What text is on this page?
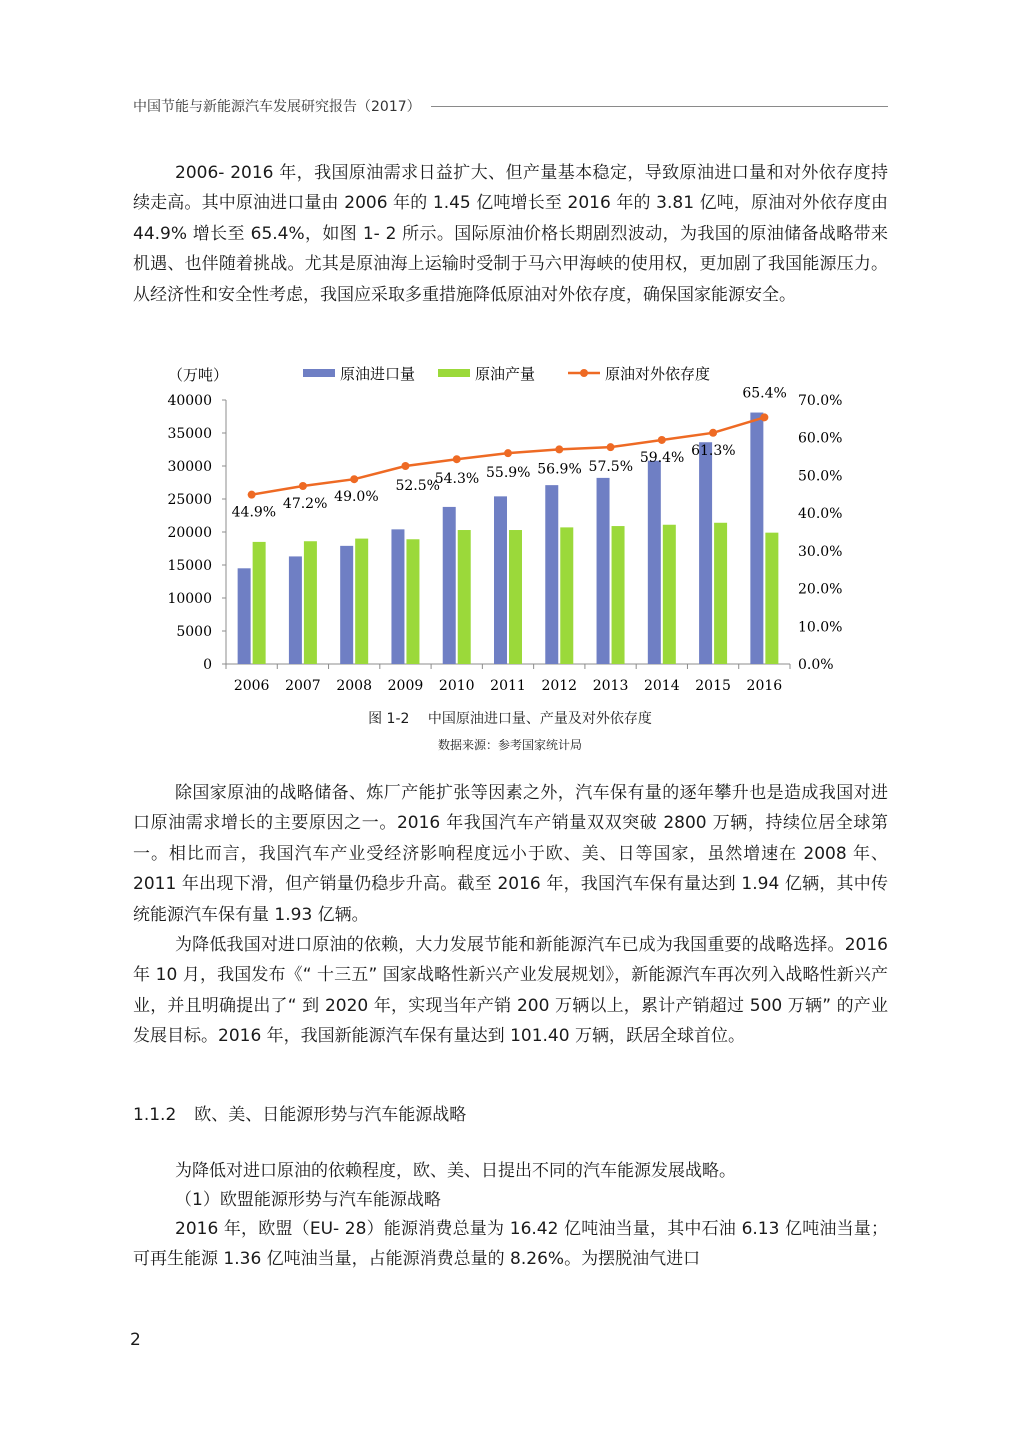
中国节能与新能源汽车发展研究报告（2017）

2006- 2016 年，我国原油需求日益扩大、但产量基本稳定，导致原油进口量和对外依存度持续走高。其中原油进口量由 2006 年的 1.45 亿吨增长至 2016 年的 3.81 亿吨，原油对外依存度由 44.9% 增长至 65.4%，如图 1- 2 所示。国际原油价格长期剧烈波动，为我国的原油储备战略带来机遇、也伴随着挑战。尤其是原油海上运输时受制于马六甲海峡的使用权，更加剧了我国能源压力。从经济性和安全性考虑，我国应采取多重措施降低原油对外依存度，确保国家能源安全。

（万吨）	原油进口量	原油产量	原油对外依存度
0
5000
10000
15000
20000
25000
30000
35000
40000
0.0%
10.0%
20.0%
30.0%
40.0%
50.0%
60.0%
70.0%
2006 2007 2008 2009 2010 2011 2012 2013 2014 2015 2016
44.9%
47.2% 49.0%
52.5%
54.3% 55.9% 56.9% 57.5%
59.4% 61.3%
65.4%
图 1-2　 中国原油进口量、产量及对外依存度
数据来源：参考国家统计局

除国家原油的战略储备、炼厂产能扩张等因素之外，汽车保有量的逐年攀升也是造成我国对进口原油需求增长的主要原因之一。2016 年我国汽车产销量双双突破 2800 万辆，持续位居全球第一。相比而言，我国汽车产业受经济影响程度远小于欧、美、日等国家，虽然增速在 2008 年、2011 年出现下滑，但产销量仍稳步升高。截至 2016 年，我国汽车保有量达到 1.94 亿辆，其中传统能源汽车保有量 1.93 亿辆。

为降低我国对进口原油的依赖，大力发展节能和新能源汽车已成为我国重要的战略选择。2016 年 10 月，我国发布《“ 十三五” 国家战略性新兴产业发展规划》，新能源汽车再次列入战略性新兴产业，并且明确提出了“ 到 2020 年，实现当年产销 200 万辆以上，累计产销超过 500 万辆” 的产业发展目标。2016 年，我国新能源汽车保有量达到 101.40 万辆，跃居全球首位。

1.1.2 欧、美、日能源形势与汽车能源战略

为降低对进口原油的依赖程度，欧、美、日提出不同的汽车能源发展战略。

（1）欧盟能源形势与汽车能源战略

2016 年，欧盟（EU- 28）能源消费总量为 16.42 亿吨油当量，其中石油 6.13 亿吨油当量；可再生能源 1.36 亿吨油当量，占能源消费总量的 8.26%。为摆脱油气进口

2
